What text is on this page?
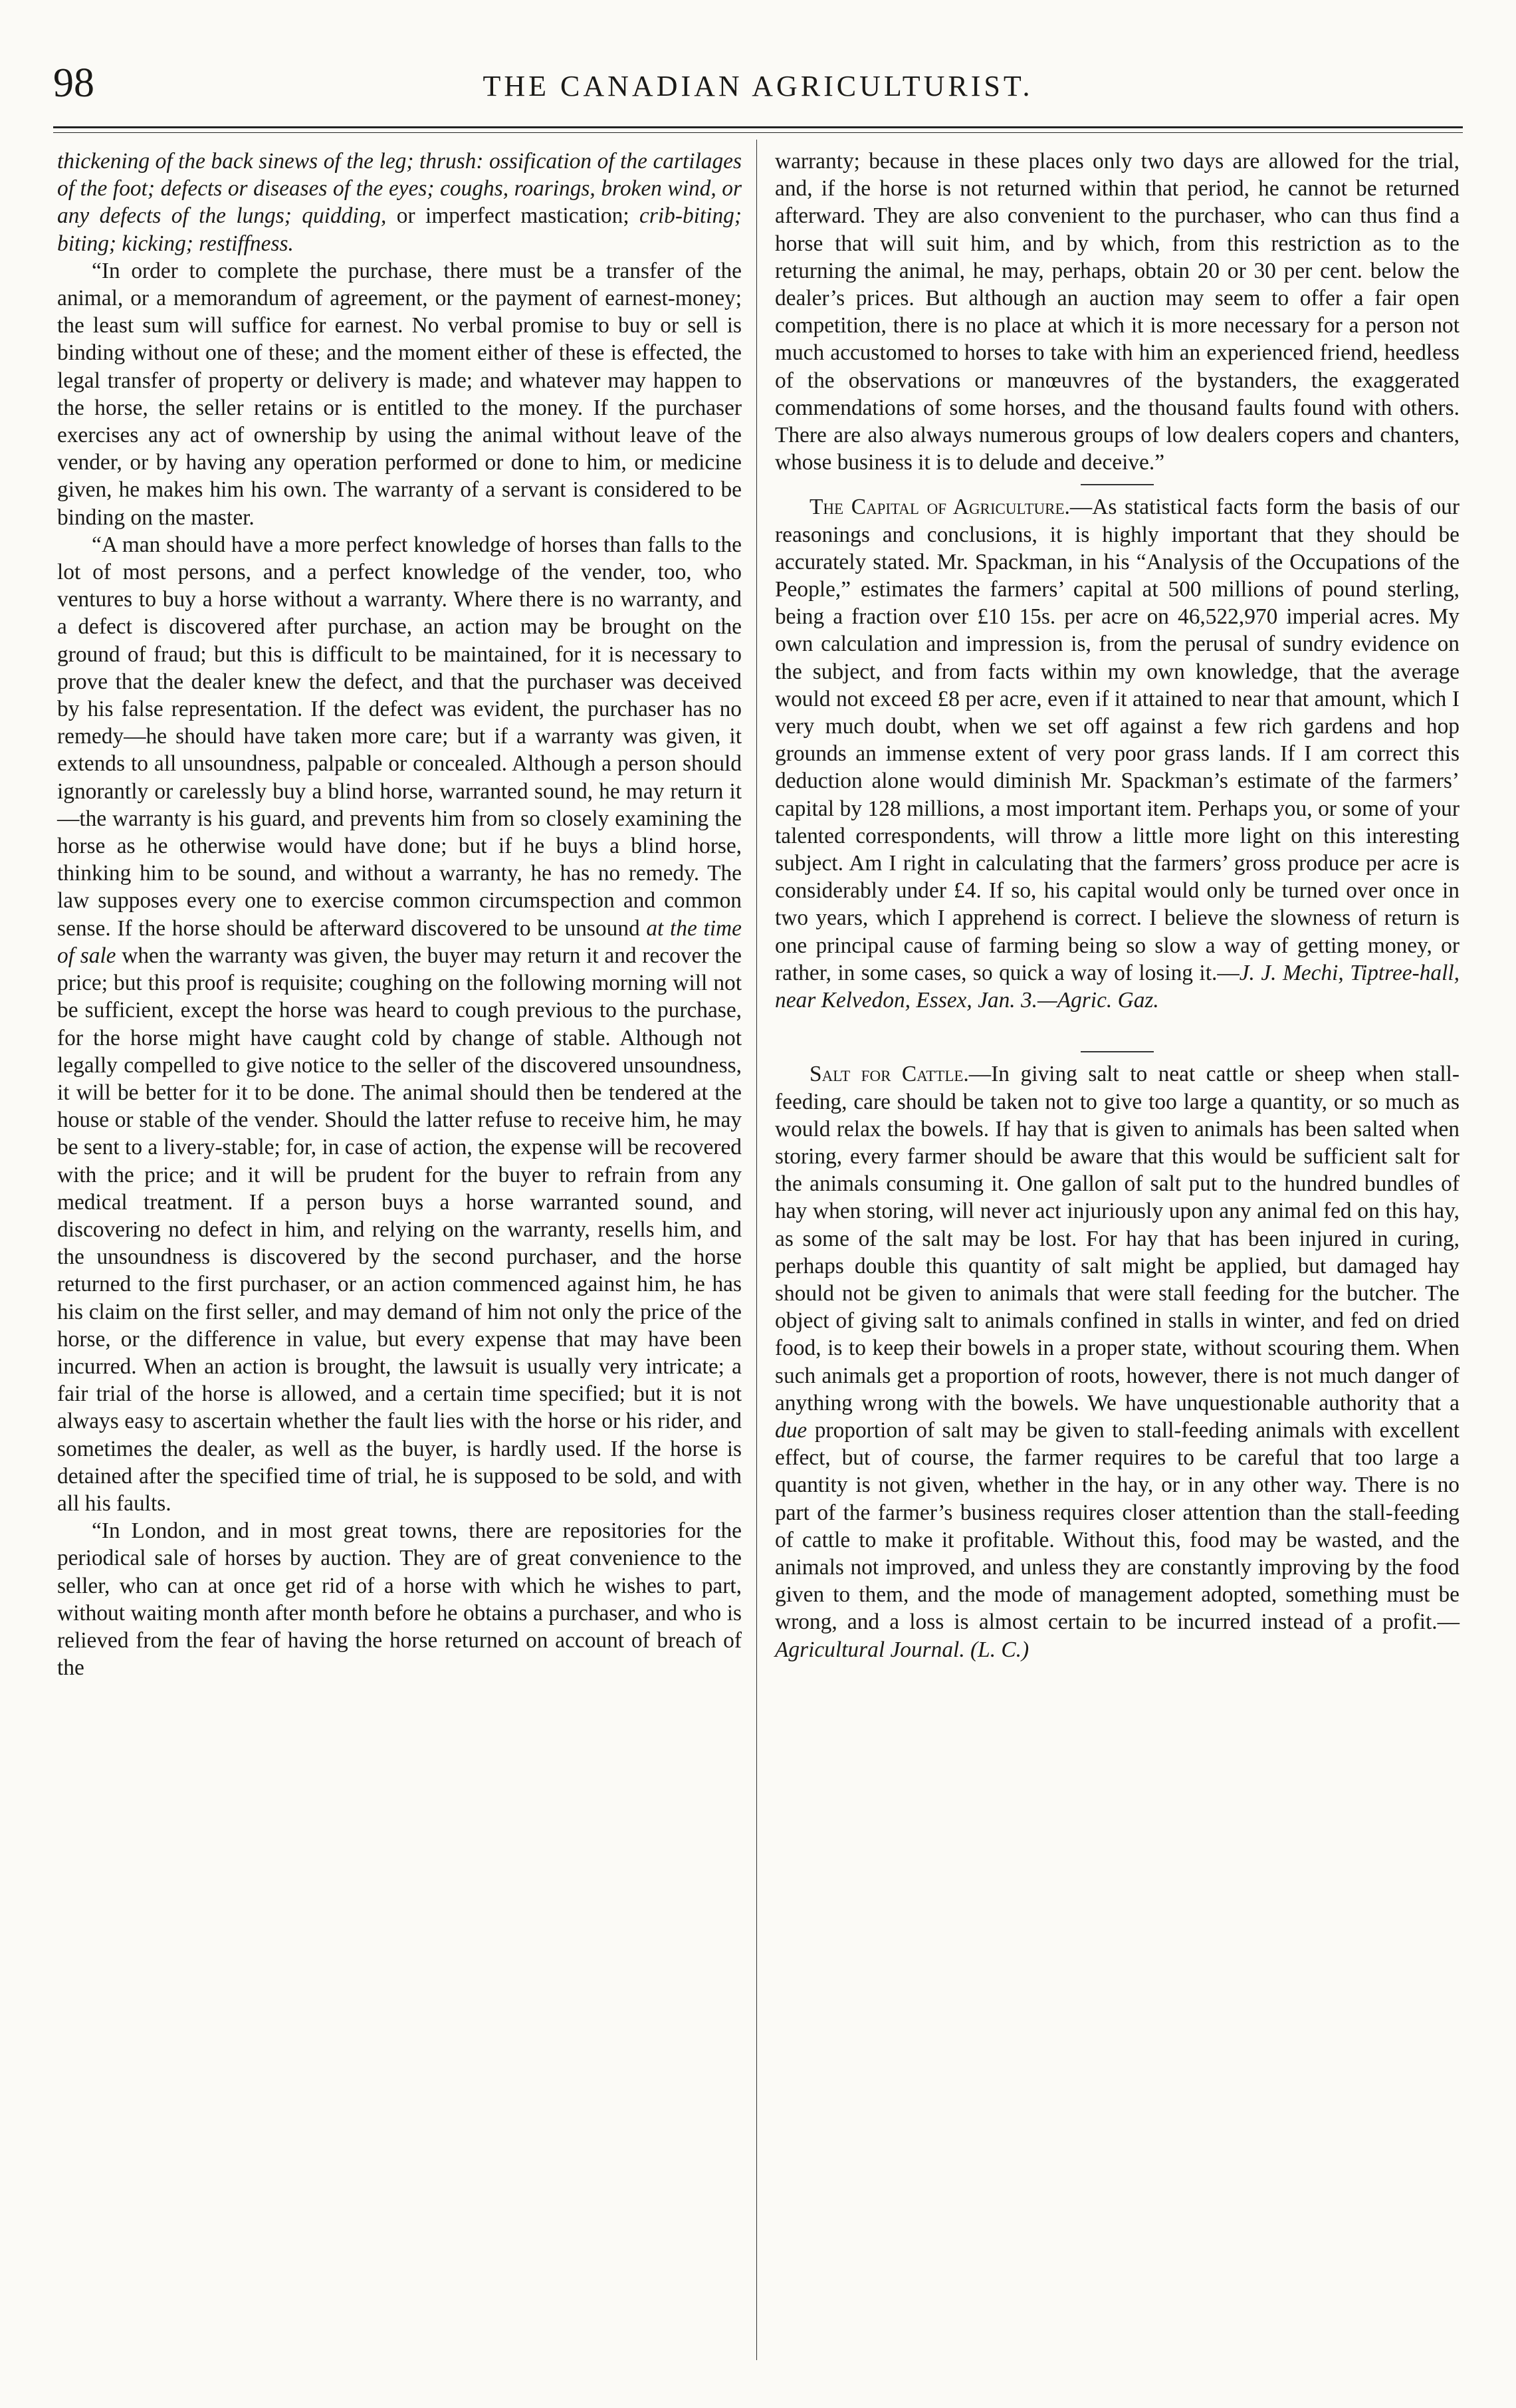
98	THE CANADIAN AGRICULTURIST.

thickening of the back sinews of the leg; thrush: ossification of the cartilages of the foot; defects or diseases of the eyes; coughs, roarings, broken wind, or any defects of the lungs; quidding, or imperfect mastication; crib-biting; biting; kicking; restiffness.

“In order to complete the purchase, there must be a transfer of the animal, or a memorandum of agreement, or the payment of earnest-money; the least sum will suffice for earnest. No verbal promise to buy or sell is binding without one of these; and the moment either of these is effected, the legal transfer of property or delivery is made; and whatever may happen to the horse, the seller retains or is entitled to the money. If the purchaser exercises any act of ownership by using the animal without leave of the vender, or by having any operation performed or done to him, or medicine given, he makes him his own. The warranty of a servant is considered to be binding on the master.

“A man should have a more perfect knowledge of horses than falls to the lot of most persons, and a perfect knowledge of the vender, too, who ventures to buy a horse without a warranty. Where there is no warranty, and a defect is discovered after purchase, an action may be brought on the ground of fraud; but this is difficult to be maintained, for it is necessary to prove that the dealer knew the defect, and that the purchaser was deceived by his false representation. If the defect was evident, the purchaser has no remedy—he should have taken more care; but if a warranty was given, it extends to all unsoundness, palpable or concealed. Although a person should ignorantly or carelessly buy a blind horse, warranted sound, he may return it—the warranty is his guard, and prevents him from so closely examining the horse as he otherwise would have done; but if he buys a blind horse, thinking him to be sound, and without a warranty, he has no remedy. The law supposes every one to exercise common circumspection and common sense. If the horse should be afterward discovered to be unsound at the time of sale when the warranty was given, the buyer may return it and recover the price; but this proof is requisite; coughing on the following morning will not be sufficient, except the horse was heard to cough previous to the purchase, for the horse might have caught cold by change of stable. Although not legally compelled to give notice to the seller of the discovered unsoundness, it will be better for it to be done. The animal should then be tendered at the house or stable of the vender. Should the latter refuse to receive him, he may be sent to a livery-stable; for, in case of action, the expense will be recovered with the price; and it will be prudent for the buyer to refrain from any medical treatment. If a person buys a horse warranted sound, and discovering no defect in him, and relying on the warranty, resells him, and the unsoundness is discovered by the second purchaser, and the horse returned to the first purchaser, or an action commenced against him, he has his claim on the first seller, and may demand of him not only the price of the horse, or the difference in value, but every expense that may have been incurred. When an action is brought, the lawsuit is usually very intricate; a fair trial of the horse is allowed, and a certain time specified; but it is not always easy to ascertain whether the fault lies with the horse or his rider, and sometimes the dealer, as well as the buyer, is hardly used. If the horse is detained after the specified time of trial, he is supposed to be sold, and with all his faults.

“In London, and in most great towns, there are repositories for the periodical sale of horses by auction. They are of great convenience to the seller, who can at once get rid of a horse with which he wishes to part, without waiting month after month before he obtains a purchaser, and who is relieved from the fear of having the horse returned on account of breach of the

warranty; because in these places only two days are allowed for the trial, and, if the horse is not returned within that period, he cannot be returned afterward. They are also convenient to the purchaser, who can thus find a horse that will suit him, and by which, from this restriction as to the returning the animal, he may, perhaps, obtain 20 or 30 per cent. below the dealer’s prices. But although an auction may seem to offer a fair open competition, there is no place at which it is more necessary for a person not much accustomed to horses to take with him an experienced friend, heedless of the observations or manœuvres of the bystanders, the exaggerated commendations of some horses, and the thousand faults found with others. There are also always numerous groups of low dealers copers and chanters, whose business it is to delude and deceive.”

The Capital of Agriculture.—As statistical facts form the basis of our reasonings and conclusions, it is highly important that they should be accurately stated. Mr. Spackman, in his “Analysis of the Occupations of the People,” estimates the farmers’ capital at 500 millions of pound sterling, being a fraction over £10 15s. per acre on 46,522,970 imperial acres. My own calculation and impression is, from the perusal of sundry evidence on the subject, and from facts within my own knowledge, that the average would not exceed £8 per acre, even if it attained to near that amount, which I very much doubt, when we set off against a few rich gardens and hop grounds an immense extent of very poor grass lands. If I am correct this deduction alone would diminish Mr. Spackman’s estimate of the farmers’ capital by 128 millions, a most important item. Perhaps you, or some of your talented correspondents, will throw a little more light on this interesting subject. Am I right in calculating that the farmers’ gross produce per acre is considerably under £4. If so, his capital would only be turned over once in two years, which I apprehend is correct. I believe the slowness of return is one principal cause of farming being so slow a way of getting money, or rather, in some cases, so quick a way of losing it.—J. J. Mechi, Tiptree-hall, near Kelvedon, Essex, Jan. 3.—Agric. Gaz.

Salt for Cattle.—In giving salt to neat cattle or sheep when stall-feeding, care should be taken not to give too large a quantity, or so much as would relax the bowels. If hay that is given to animals has been salted when storing, every farmer should be aware that this would be sufficient salt for the animals consuming it. One gallon of salt put to the hundred bundles of hay when storing, will never act injuriously upon any animal fed on this hay, as some of the salt may be lost. For hay that has been injured in curing, perhaps double this quantity of salt might be applied, but damaged hay should not be given to animals that were stall feeding for the butcher. The object of giving salt to animals confined in stalls in winter, and fed on dried food, is to keep their bowels in a proper state, without scouring them. When such animals get a proportion of roots, however, there is not much danger of anything wrong with the bowels. We have unquestionable authority that a due proportion of salt may be given to stall-feeding animals with excellent effect, but of course, the farmer requires to be careful that too large a quantity is not given, whether in the hay, or in any other way. There is no part of the farmer’s business requires closer attention than the stall-feeding of cattle to make it profitable. Without this, food may be wasted, and the animals not improved, and unless they are constantly improving by the food given to them, and the mode of management adopted, something must be wrong, and a loss is almost certain to be incurred instead of a profit.—Agricultural Journal. (L. C.)
